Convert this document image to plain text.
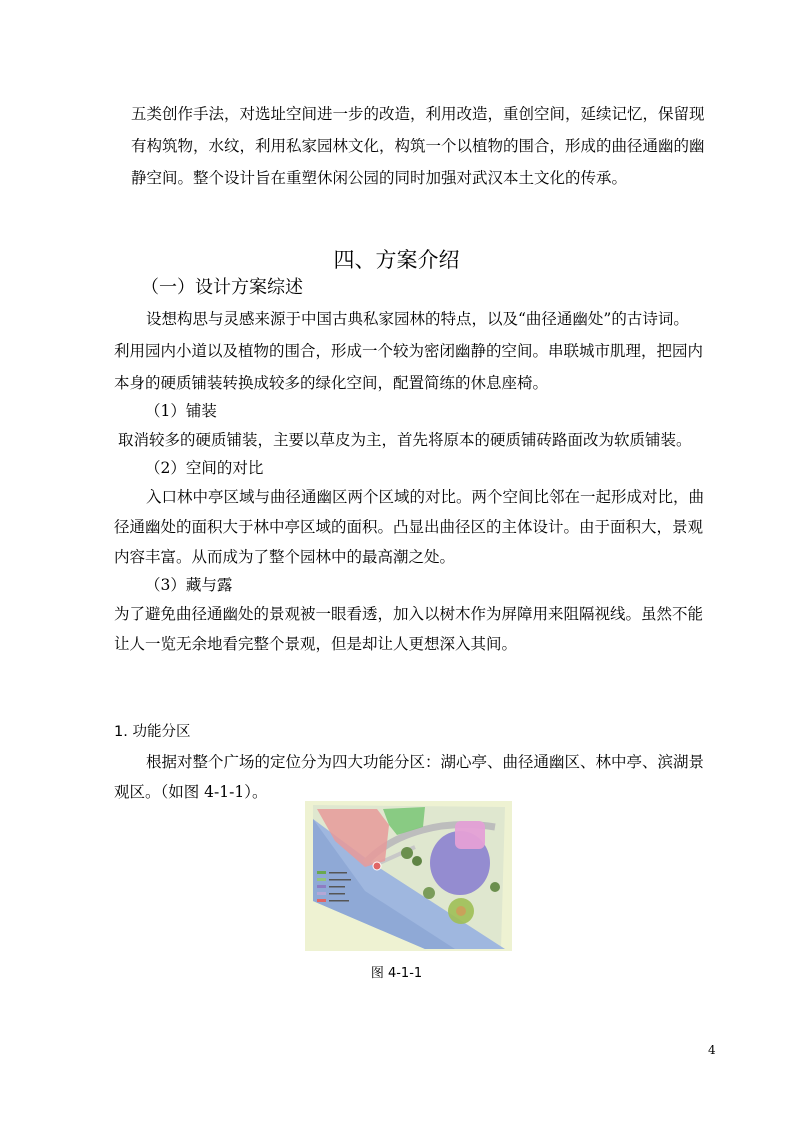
五类创作手法，对选址空间进一步的改造，利用改造，重创空间，延续记忆，保留现
有构筑物，水纹，利用私家园林文化，构筑一个以植物的围合，形成的曲径通幽的幽
静空间。整个设计旨在重塑休闲公园的同时加强对武汉本土文化的传承。
四、方案介绍
（一）设计方案综述
设想构思与灵感来源于中国古典私家园林的特点，以及“曲径通幽处”的古诗词。
利用园内小道以及植物的围合，形成一个较为密闭幽静的空间。串联城市肌理，把园内
本身的硬质铺装转换成较多的绿化空间，配置简练的休息座椅。
（1）铺装
取消较多的硬质铺装，主要以草皮为主，首先将原本的硬质铺砖路面改为软质铺装。
（2）空间的对比
入口林中亭区域与曲径通幽区两个区域的对比。两个空间比邻在一起形成对比，曲
径通幽处的面积大于林中亭区域的面积。凸显出曲径区的主体设计。由于面积大，景观
内容丰富。从而成为了整个园林中的最高潮之处。
（3）藏与露
为了避免曲径通幽处的景观被一眼看透，加入以树木作为屏障用来阻隔视线。虽然不能
让人一览无余地看完整个景观，但是却让人更想深入其间。
1. 功能分区
根据对整个广场的定位分为四大功能分区：湖心亭、曲径通幽区、林中亭、滨湖景
观区。（如图 4-1-1）。
图 4-1-1
4
